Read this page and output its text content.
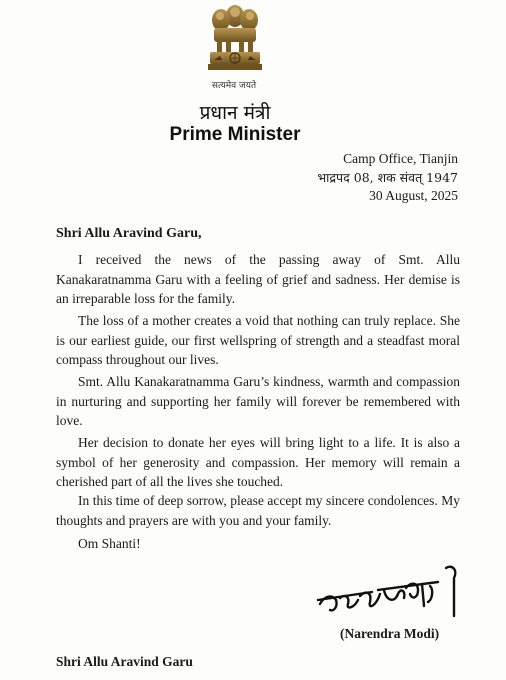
सत्यमेव जयते
प्रधान मंत्री
Prime Minister
Camp Office, Tianjin
भाद्रपद 08, शक संवत् 1947
30 August, 2025
Shri Allu Aravind Garu,

I received the news of the passing away of Smt. Allu Kanakaratnamma Garu with a feeling of grief and sadness. Her demise is an irreparable loss for the family.

The loss of a mother creates a void that nothing can truly replace. She is our earliest guide, our first wellspring of strength and a steadfast moral compass throughout our lives.

Smt. Allu Kanakaratnamma Garu’s kindness, warmth and compassion in nurturing and supporting her family will forever be remembered with love.

Her decision to donate her eyes will bring light to a life. It is also a symbol of her generosity and compassion. Her memory will remain a cherished part of all the lives she touched.

In this time of deep sorrow, please accept my sincere condolences. My thoughts and prayers are with you and your family.

Om Shanti!
(Narendra Modi)
Shri Allu Aravind Garu
